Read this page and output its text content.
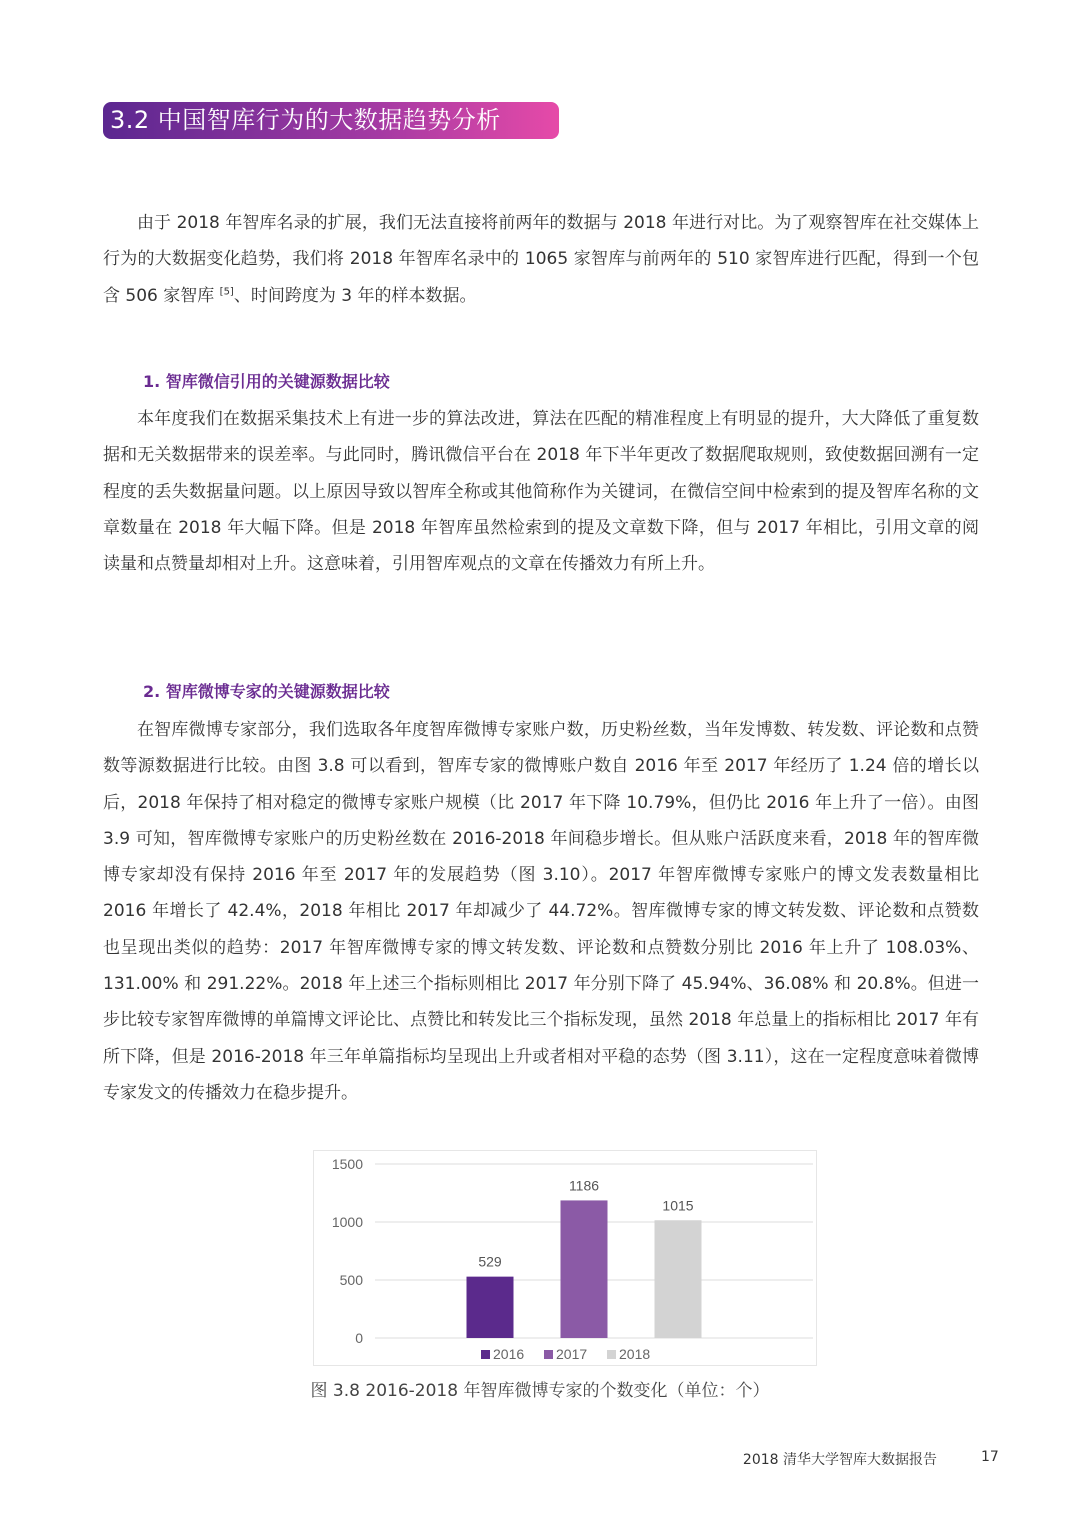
3.2 中国智库行为的大数据趋势分析

由于 2018 年智库名录的扩展，我们无法直接将前两年的数据与 2018 年进行对比。为了观察智库在社交媒体上行为的大数据变化趋势，我们将 2018 年智库名录中的 1065 家智库与前两年的 510 家智库进行匹配，得到一个包含 506 家智库 [5]、时间跨度为 3 年的样本数据。

1. 智库微信引用的关键源数据比较

本年度我们在数据采集技术上有进一步的算法改进，算法在匹配的精准程度上有明显的提升，大大降低了重复数据和无关数据带来的误差率。与此同时，腾讯微信平台在 2018 年下半年更改了数据爬取规则，致使数据回溯有一定程度的丢失数据量问题。以上原因导致以智库全称或其他简称作为关键词，在微信空间中检索到的提及智库名称的文章数量在 2018 年大幅下降。但是 2018 年智库虽然检索到的提及文章数下降，但与 2017 年相比，引用文章的阅读量和点赞量却相对上升。这意味着，引用智库观点的文章在传播效力有所上升。

2. 智库微博专家的关键源数据比较

在智库微博专家部分，我们选取各年度智库微博专家账户数，历史粉丝数，当年发博数、转发数、评论数和点赞数等源数据进行比较。由图 3.8 可以看到，智库专家的微博账户数自 2016 年至 2017 年经历了 1.24 倍的增长以后，2018 年保持了相对稳定的微博专家账户规模（比 2017 年下降 10.79%，但仍比 2016 年上升了一倍）。由图 3.9 可知，智库微博专家账户的历史粉丝数在 2016-2018 年间稳步增长。但从账户活跃度来看，2018 年的智库微博专家却没有保持 2016 年至 2017 年的发展趋势（图 3.10）。2017 年智库微博专家账户的博文发表数量相比 2016 年增长了 42.4%，2018 年相比 2017 年却减少了 44.72%。智库微博专家的博文转发数、评论数和点赞数也呈现出类似的趋势：2017 年智库微博专家的博文转发数、评论数和点赞数分别比 2016 年上升了 108.03%、131.00% 和 291.22%。2018 年上述三个指标则相比 2017 年分别下降了 45.94%、36.08% 和 20.8%。但进一步比较专家智库微博的单篇博文评论比、点赞比和转发比三个指标发现，虽然 2018 年总量上的指标相比 2017 年有所下降，但是 2016-2018 年三年单篇指标均呈现出上升或者相对平稳的态势（图 3.11），这在一定程度意味着微博专家发文的传播效力在稳步提升。

1500
1000
500
0
529
1186
1015
2016 2017 2018
图 3.8 2016-2018 年智库微博专家的个数变化（单位：个）
2018 清华大学智库大数据报告	17
